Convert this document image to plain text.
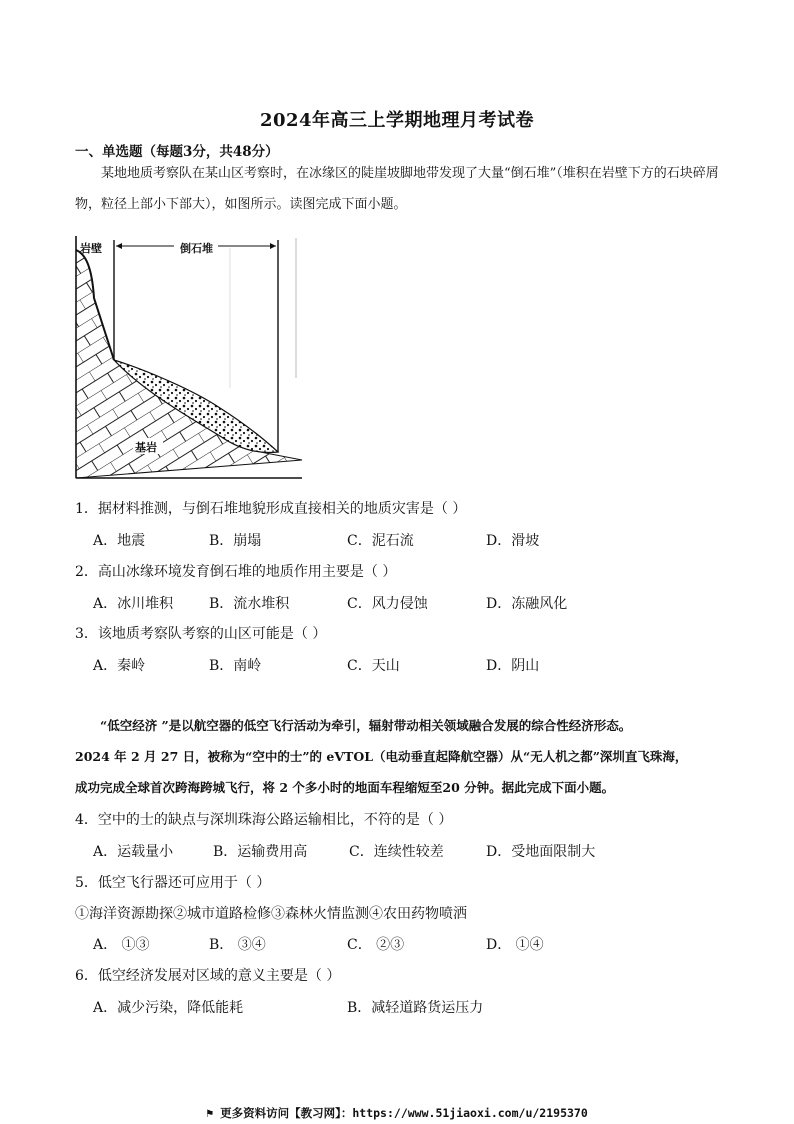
2024年高三上学期地理月考试卷
一、单选题（每题3分，共48分）
某地地质考察队在某山区考察时，在冰缘区的陡崖坡脚地带发现了大量“倒石堆”（堆积在岩壁下方的石块碎屑物，粒径上部小下部大），如图所示。读图完成下面小题。
岩壁	倒石堆
基岩
1．据材料推测，与倒石堆地貌形成直接相关的地质灾害是（ ）
A．地震	B．崩塌	C．泥石流	D．滑坡
2．高山冰缘环境发育倒石堆的地质作用主要是（ ）
A．冰川堆积	B．流水堆积	C．风力侵蚀	D．冻融风化
3．该地质考察队考察的山区可能是（ ）
A．秦岭	B．南岭	C．天山	D．阴山
“低空经济 ”是以航空器的低空飞行活动为牵引，辐射带动相关领域融合发展的综合性经济形态。
2024 年 2 月 27 日，被称为“空中的士”的 eVTOL（电动垂直起降航空器）从“无人机之都”深圳直飞珠海，
成功完成全球首次跨海跨城飞行，将 2 个多小时的地面车程缩短至20 分钟。据此完成下面小题。
4．空中的士的缺点与深圳珠海公路运输相比，不符的是（ ）
A．运载量小	B．运输费用高	C．连续性较差	D．受地面限制大
5．低空飞行器还可应用于（ ）
①海洋资源勘探②城市道路检修③森林火情监测④农田药物喷洒
A． ①③	B． ③④	C． ②③	D． ①④
6．低空经济发展对区域的意义主要是（ ）
A．减少污染，降低能耗	B．减轻道路货运压力
⚑ 更多资料访问【教习网】：https://www.51jiaoxi.com/u/2195370
